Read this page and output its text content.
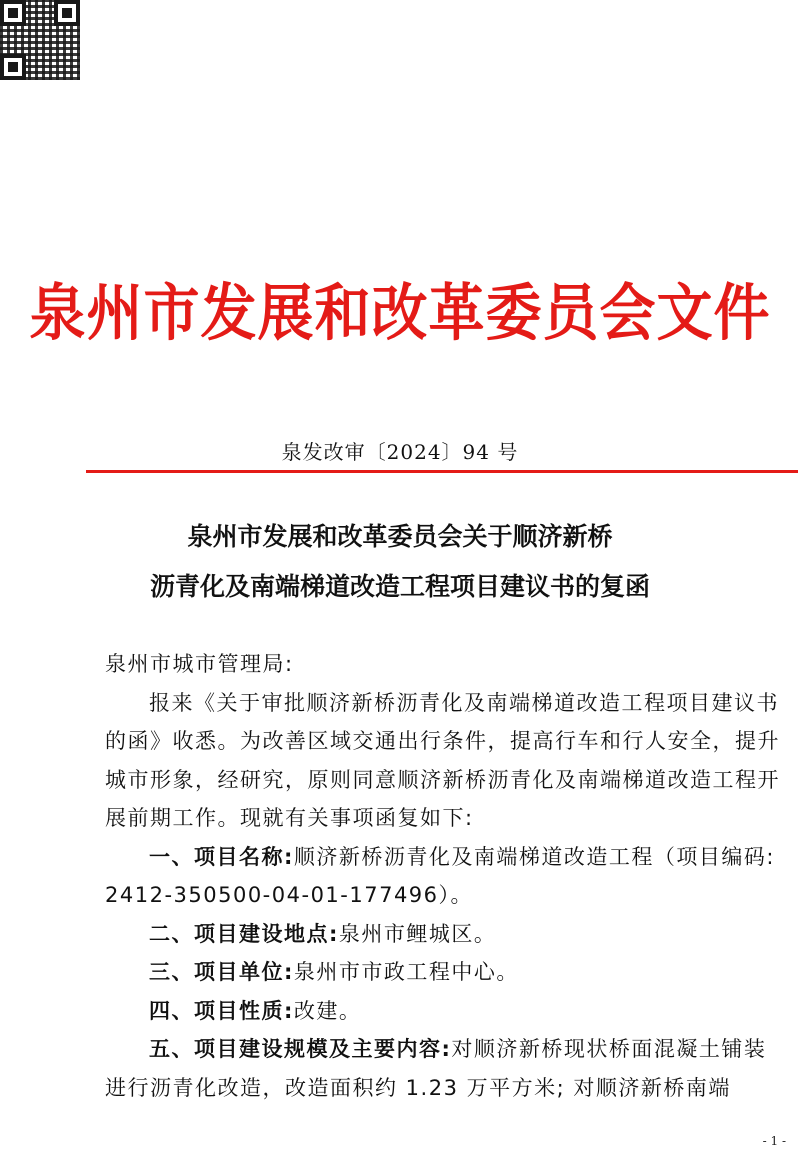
泉州市发展和改革委员会文件
泉发改审〔2024〕94 号
泉州市发展和改革委员会关于顺济新桥
沥青化及南端梯道改造工程项目建议书的复函

泉州市城市管理局:

报来《关于审批顺济新桥沥青化及南端梯道改造工程项目建议书的函》收悉。为改善区域交通出行条件，提高行车和行人安全，提升城市形象，经研究，原则同意顺济新桥沥青化及南端梯道改造工程开展前期工作。现就有关事项函复如下:

一、项目名称:顺济新桥沥青化及南端梯道改造工程（项目编码: 2412-350500-04-01-177496）。

二、项目建设地点:泉州市鲤城区。

三、项目单位:泉州市市政工程中心。

四、项目性质:改建。

五、项目建设规模及主要内容:对顺济新桥现状桥面混凝土铺装进行沥青化改造，改造面积约 1.23 万平方米; 对顺济新桥南端

- 1 -
